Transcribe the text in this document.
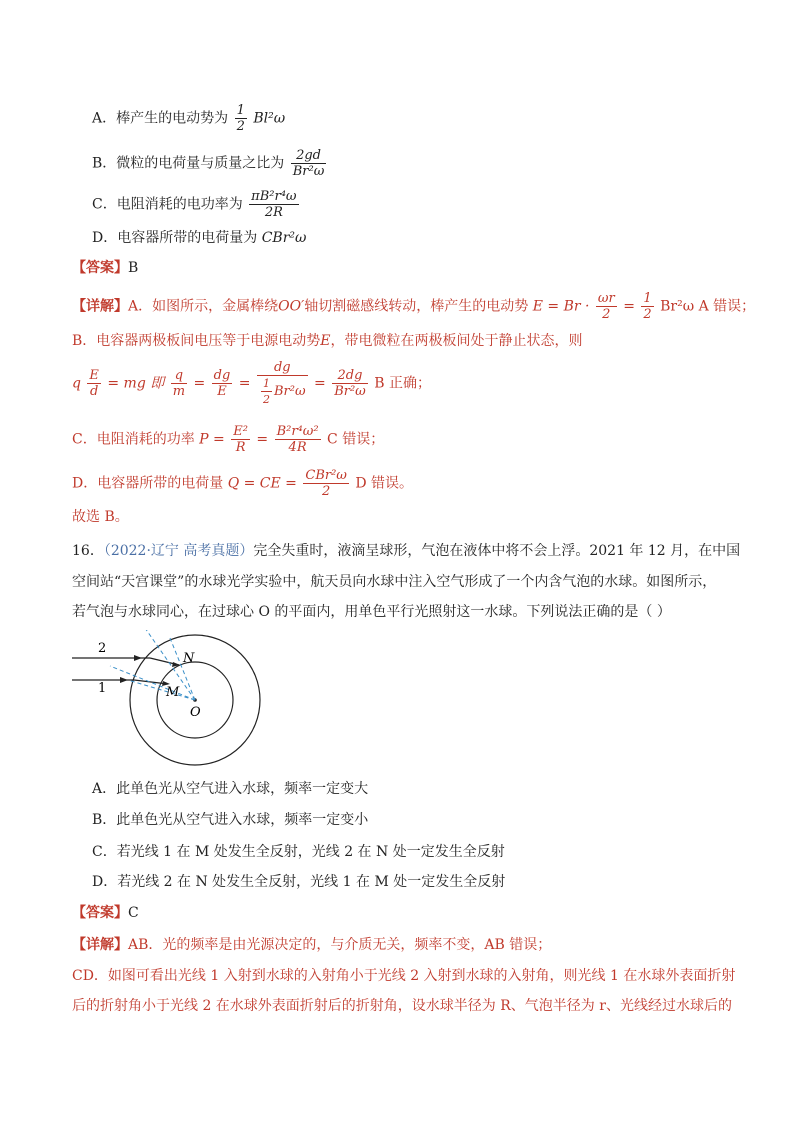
A．棒产生的电动势为 $\frac{1}{2} Bl^2\omega$
B．微粒的电荷量与质量之比为 $\frac{2gd}{\text{Br²ω}}$
C．电阻消耗的电功率为 $\frac{\text{πB²r⁴ω}}{2R}$
D．电容器所带的电荷量为 CBr²ω
【答案】B
【详解】A．如图所示，金属棒绕OO′轴切割磁感线转动，棒产生的电动势 $E = Br \cdot \frac{\omega r}{2} = \frac{1}{2} Br^2\omega$ A 错误；
B．电容器两极板间电压等于电源电动势E，带电微粒在两极板间处于静止状态，则
q $\frac{E}{d}$ = mg 即 $\frac{q}{m} = \frac{dg}{E} = \frac{dg}{\frac{1}{2} Br^2\omega} = \frac{2dg}{\text{Br²ω}}$ B 正确；
C．电阻消耗的功率 $P = \frac{\text{E²}}{R} = \frac{\text{B²r⁴ω²}}{4R}$ C 错误；
D．电容器所带的电荷量 Q = CE = $\frac{\text{CBr²ω}}{2}$ D 错误。
故选 B。
16．（2022·辽宁 高考真题）完全失重时，液滴呈球形，气泡在液体中将不会上浮。2021 年 12 月，在中国
空间站“天宫课堂”的水球光学实验中，航天员向水球中注入空气形成了一个内含气泡的水球。如图所示，
若气泡与水球同心，在过球心 O 的平面内，用单色平行光照射这一水球。下列说法正确的是（ ）
2
1
N
M
O
A．此单色光从空气进入水球，频率一定变大
B．此单色光从空气进入水球，频率一定变小
C．若光线 1 在 M 处发生全反射，光线 2 在 N 处一定发生全反射
D．若光线 2 在 N 处发生全反射，光线 1 在 M 处一定发生全反射
【答案】C
【详解】AB．光的频率是由光源决定的，与介质无关，频率不变，AB 错误；
CD．如图可看出光线 1 入射到水球的入射角小于光线 2 入射到水球的入射角，则光线 1 在水球外表面折射
后的折射角小于光线 2 在水球外表面折射后的折射角，设水球半径为 R、气泡半径为 r、光线经过水球后的
